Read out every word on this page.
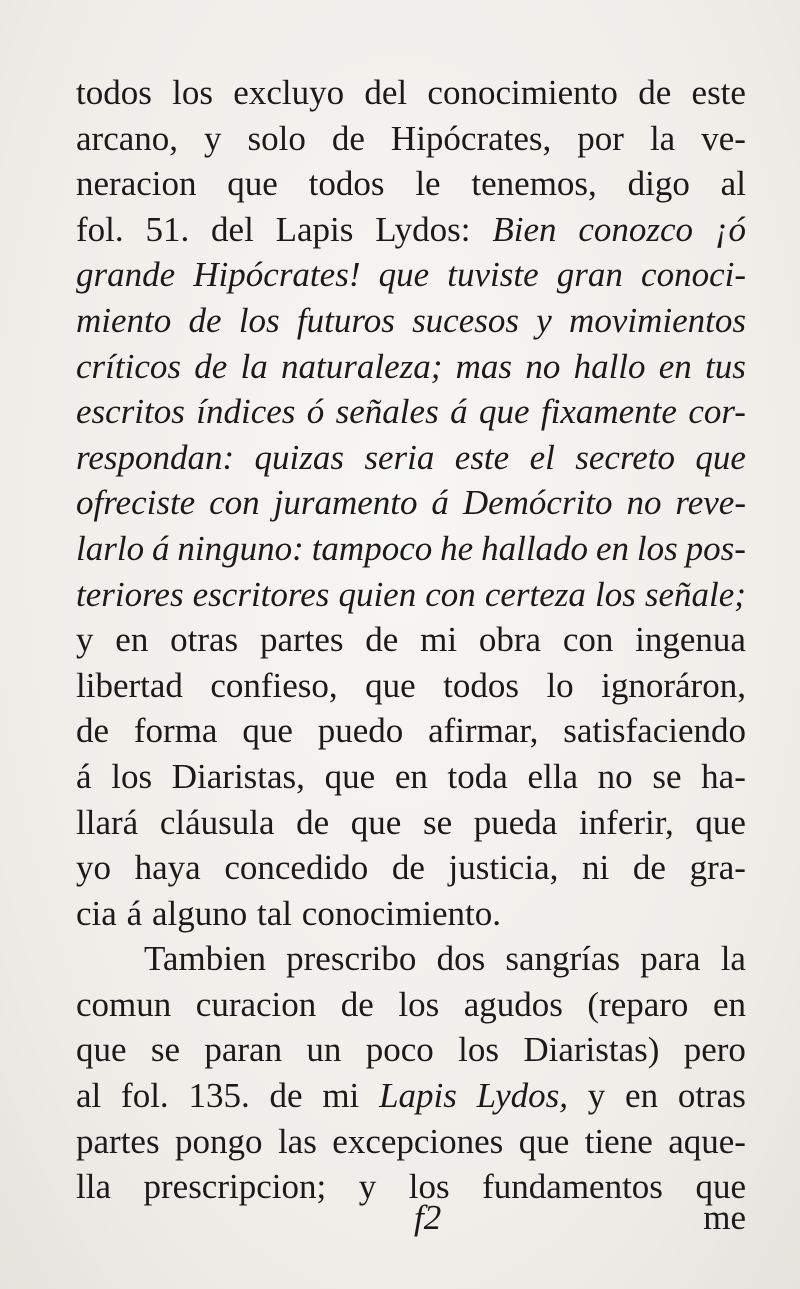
todos los excluyo del conocimiento de este
arcano, y solo de Hipócrates, por la ve-
neracion que todos le tenemos, digo al
fol. 51. del Lapis Lydos: Bien conozco ¡ó
grande Hipócrates! que tuviste gran conoci-
miento de los futuros sucesos y movimientos
críticos de la naturaleza; mas no hallo en tus
escritos índices ó señales á que fixamente cor-
respondan: quizas seria este el secreto que
ofreciste con juramento á Demócrito no reve-
larlo á ninguno: tampoco he hallado en los pos-
teriores escritores quien con certeza los señale;
y en otras partes de mi obra con ingenua
libertad confieso, que todos lo ignoráron,
de forma que puedo afirmar, satisfaciendo
á los Diaristas, que en toda ella no se ha-
llará cláusula de que se pueda inferir, que
yo haya concedido de justicia, ni de gra-
cia á alguno tal conocimiento.
Tambien prescribo dos sangrías para la
comun curacion de los agudos (reparo en
que se paran un poco los Diaristas) pero
al fol. 135. de mi Lapis Lydos, y en otras
partes pongo las excepciones que tiene aque-
lla prescripcion; y los fundamentos que
f2	me
